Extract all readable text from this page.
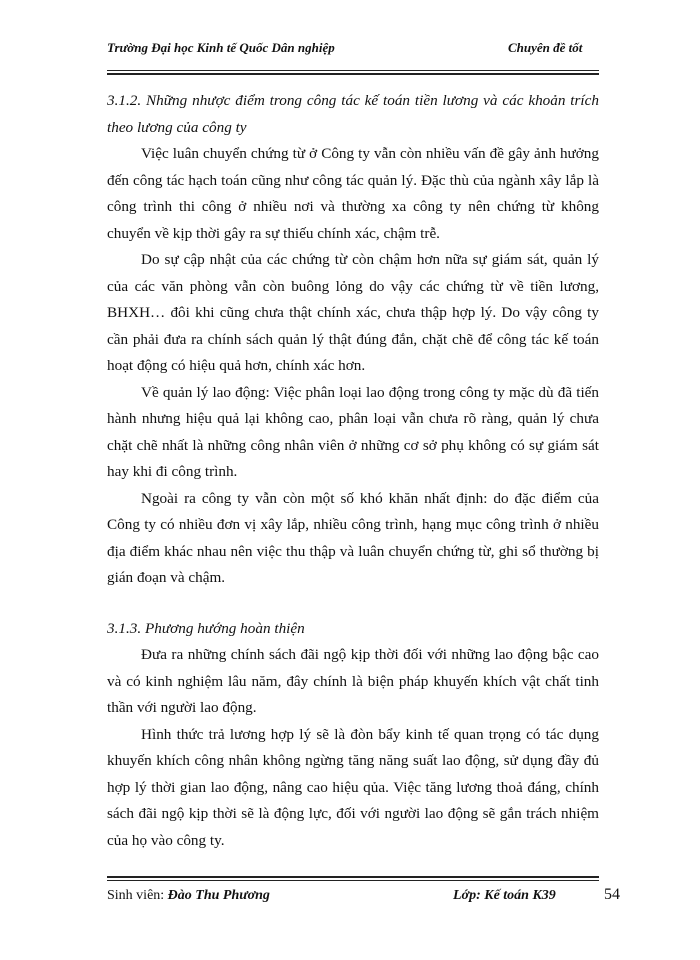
Trường Đại học Kinh tế Quốc Dân nghiệp	Chuyên đề tốt

3.1.2. Những nhược điểm trong công tác kế toán tiền lương và các khoản trích theo lương của công ty

Việc luân chuyển chứng từ ở Công ty vẫn còn nhiều vấn đề gây ảnh hưởng đến công tác hạch toán cũng như công tác quản lý. Đặc thù của ngành xây lắp là công trình thi công ở nhiều nơi và thường xa công ty nên chứng từ không chuyển về kịp thời gây ra sự thiếu chính xác, chậm trễ.

Do sự cập nhật của các chứng từ còn chậm hơn nữa sự giám sát, quản lý của các văn phòng vẫn còn buông lỏng do vậy các chứng từ về tiền lương, BHXH… đôi khi cũng chưa thật chính xác, chưa thập hợp lý. Do vậy công ty cần phải đưa ra chính sách quản lý thật đúng đắn, chặt chẽ để công tác kế toán hoạt động có hiệu quả hơn, chính xác hơn.

Về quản lý lao động: Việc phân loại lao động trong công ty mặc dù đã tiến hành nhưng hiệu quả lại không cao, phân loại vẫn chưa rõ ràng, quản lý chưa chặt chẽ nhất là những công nhân viên ở những cơ sở phụ không có sự giám sát hay khi đi công trình.

Ngoài ra công ty vẫn còn một số khó khăn nhất định: do đặc điểm của Công ty có nhiều đơn vị xây lắp, nhiều công trình, hạng mục công trình ở nhiều địa điểm khác nhau nên việc thu thập và luân chuyển chứng từ, ghi sổ thường bị gián đoạn và chậm.

3.1.3. Phương hướng hoàn thiện

Đưa ra những chính sách đãi ngộ kịp thời đối với những lao động bậc cao và có kinh nghiệm lâu năm, đây chính là biện pháp khuyến khích vật chất tinh thần với người lao động.

Hình thức trả lương hợp lý sẽ là đòn bẩy kinh tế quan trọng có tác dụng khuyến khích công nhân không ngừng tăng năng suất lao động, sử dụng đầy đủ hợp lý thời gian lao động, nâng cao hiệu qủa. Việc tăng lương thoả đáng, chính sách đãi ngộ kịp thời sẽ là động lực, đối với người lao động sẽ gắn trách nhiệm của họ vào công ty.

Sinh viên: Đào Thu Phương	Lớp: Kế toán K39	54
